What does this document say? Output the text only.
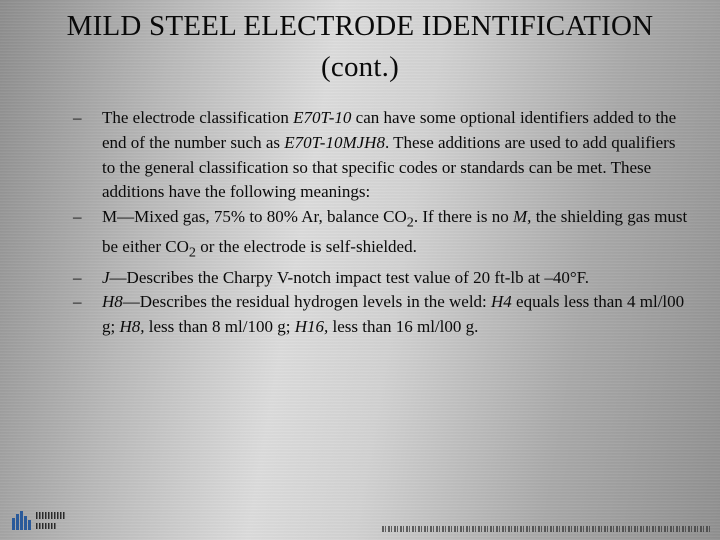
MILD STEEL ELECTRODE IDENTIFICATION
(cont.)
– The electrode classification E70T-10 can have some optional identifiers added to the end of the number such as E70T-10MJH8. These additions are used to add qualifiers to the general classification so that specific codes or standards can be met. These additions have the following meanings:
– M—Mixed gas, 75% to 80% Ar, balance $CO_2$. If there is no M, the shielding gas must be either $CO_2$ or the electrode is self-shielded.
– J—Describes the Charpy V-notch impact test value of 20 ft-lb at –40°F.
– H8—Describes the residual hydrogen levels in the weld: H4 equals less than 4 ml/l00 g; H8, less than 8 ml/100 g; H16, less than 16 ml/l00 g.
